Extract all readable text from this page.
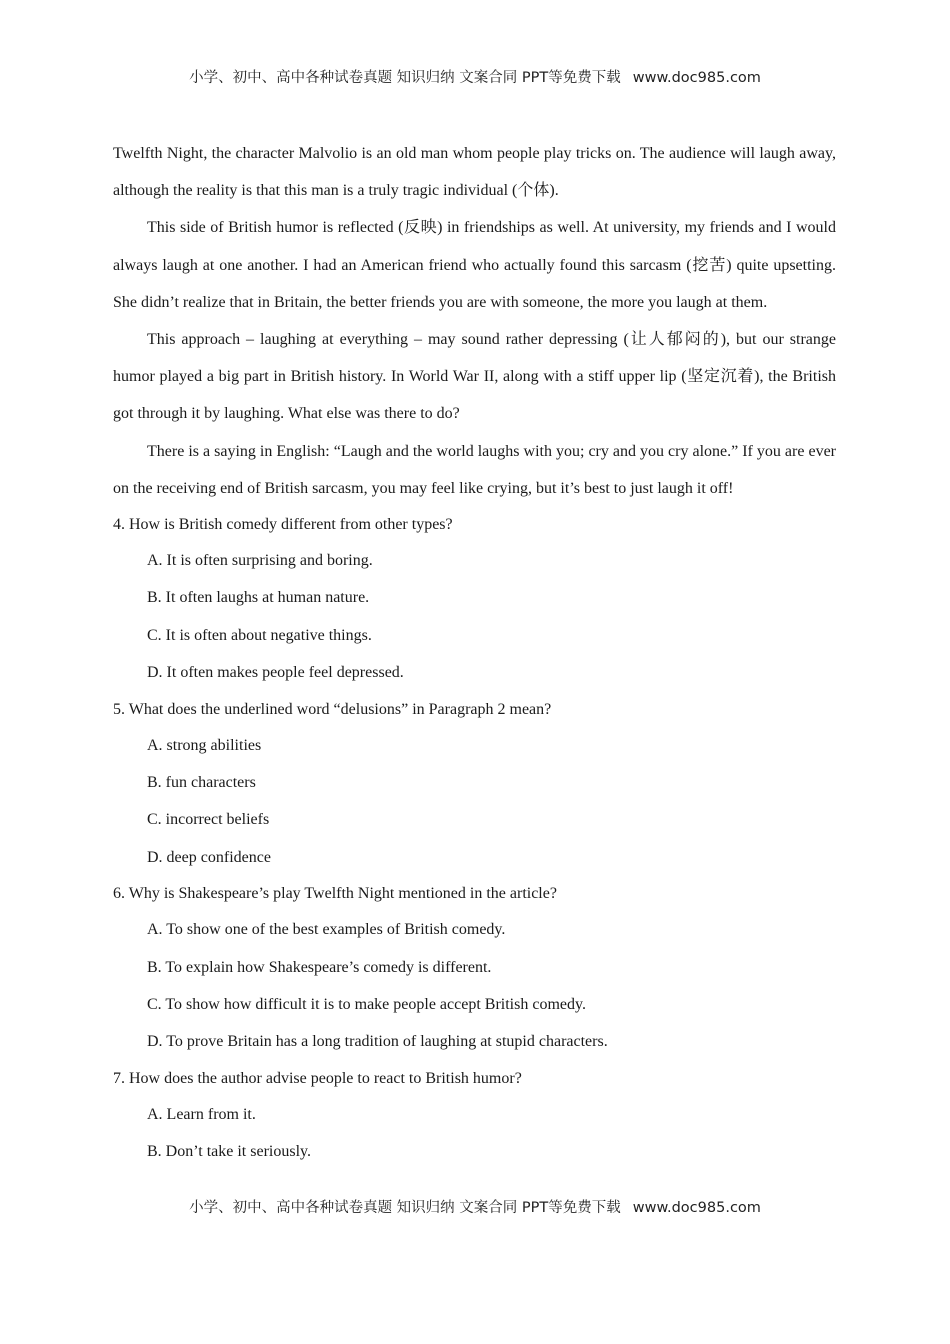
小学、初中、高中各种试卷真题 知识归纳 文案合同 PPT等免费下载 www.doc985.com

Twelfth Night, the character Malvolio is an old man whom people play tricks on. The audience will laugh away, although the reality is that this man is a truly tragic individual (个体).

This side of British humor is reflected (反映) in friendships as well. At university, my friends and I would always laugh at one another. I had an American friend who actually found this sarcasm (挖苦) quite upsetting. She didn’t realize that in Britain, the better friends you are with someone, the more you laugh at them.

This approach – laughing at everything – may sound rather depressing (让人郁闷的), but our strange humor played a big part in British history. In World War II, along with a stiff upper lip (坚定沉着), the British got through it by laughing. What else was there to do?

There is a saying in English: “Laugh and the world laughs with you; cry and you cry alone.” If you are ever on the receiving end of British sarcasm, you may feel like crying, but it’s best to just laugh it off!

4. How is British comedy different from other types?

A. It is often surprising and boring.

B. It often laughs at human nature.

C. It is often about negative things.

D. It often makes people feel depressed.

5. What does the underlined word “delusions” in Paragraph 2 mean?

A. strong abilities

B. fun characters

C. incorrect beliefs

D. deep confidence

6. Why is Shakespeare’s play Twelfth Night mentioned in the article?

A. To show one of the best examples of British comedy.

B. To explain how Shakespeare’s comedy is different.

C. To show how difficult it is to make people accept British comedy.

D. To prove Britain has a long tradition of laughing at stupid characters.

7. How does the author advise people to react to British humor?

A. Learn from it.

B. Don’t take it seriously.

小学、初中、高中各种试卷真题 知识归纳 文案合同 PPT等免费下载 www.doc985.com
